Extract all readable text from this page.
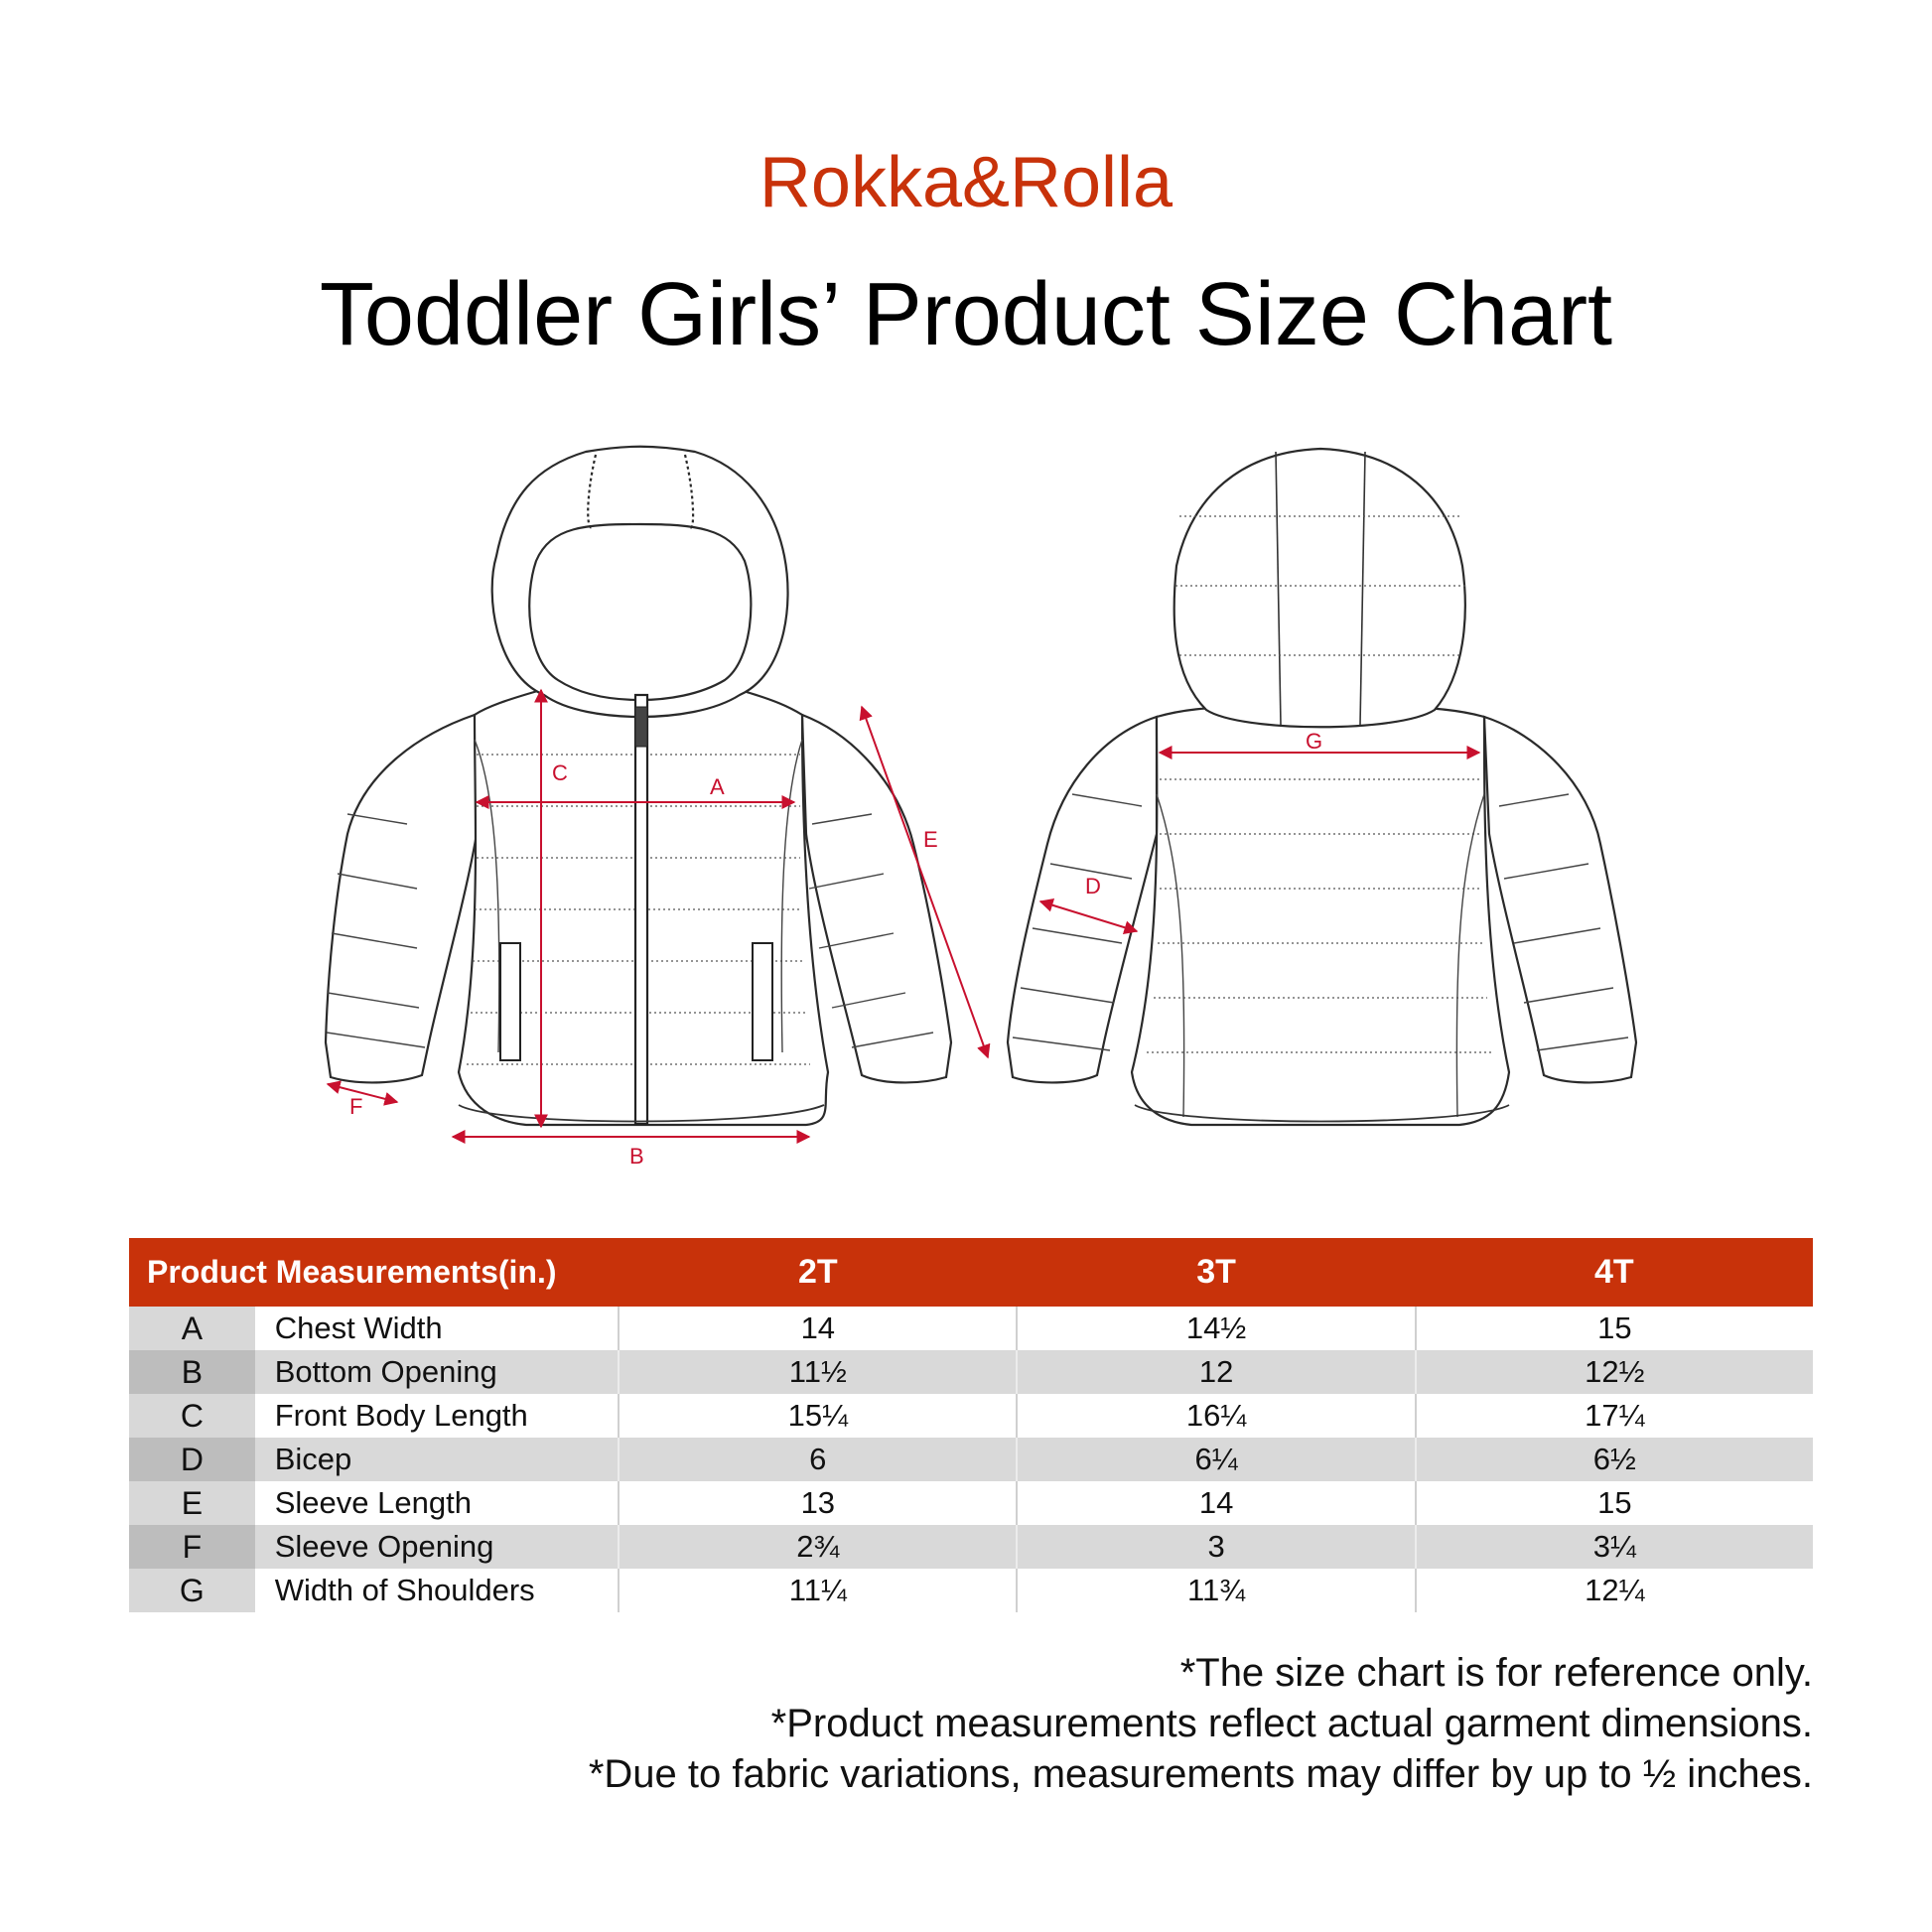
Rokka&Rolla
Toddler Girls’ Product Size Chart
A
C
E
B
F
G
D
Product Measurements(in.)		2T	3T	4T
A	Chest Width	14	14½	15
B	Bottom Opening	11½	12	12½
C	Front Body Length	15¼	16¼	17¼
D	Bicep	6	6¼	6½
E	Sleeve Length	13	14	15
F	Sleeve Opening	2¾	3	3¼
G	Width of Shoulders	11¼	11¾	12¼
*The size chart is for reference only.
*Product measurements reflect actual garment dimensions.
*Due to fabric variations, measurements may differ by up to ½ inches.
